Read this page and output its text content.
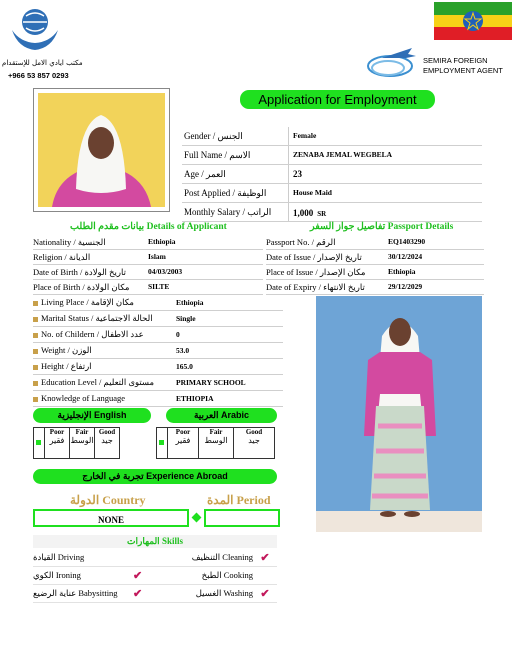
مكتب ايادي الامل للإستقدام
+966 53 857 0293
SEMIRA FOREIGN
EMPLOYMENT AGENT
Application for Employment
Gender / الجنس	Female
Full Name / الاسم	ZENABA JEMAL WEGBELA
Age / العمر	23
Post Applied / الوظيفة	House Maid
Monthly Salary / الراتب	1,000 SR
بيانات مقدم الطلب Details of Applicant	تفاصيل جواز السفر Passport Details
Nationality / الجنسية	Ethiopia
Religion / الديانة	Islam
Date of Birth / تاريخ الولادة	04/03/2003
Place of Birth / مكان الولادة	SILTE
Passport No. / الرقم	EQ1403290
Date of Issue / تاريخ الإصدار	30/12/2024
Place of Issue / مكان الإصدار	Ethiopia
Date of Expiry / تاريخ الانتهاء	29/12/2029
Living Place / مكان الإقامة	Ethiopia
Marital Status / الحالة الاجتماعية	Single
No. of Childern / عدد الاطفال	0
Weight / الوزن	53.0
Height / ارتفاع	165.0
Education Level / مستوى التعليم	PRIMARY SCHOOL
Knowledge of Language	ETHIOPIA
الإنجليزية English	العربية Arabic
Poor
فقير

Fair
الوسط

Good
جيد
Poor
فقير

Fair
الوسط

Good
جيد
تجربة في الخارج Experience Abroad
الدولة Country	المدة Period
NONE
المهارات Skills
القيادة Driving	التنظيف Cleaning ✔
الكوي Ironing	✔	الطبخ Cooking
عناية الرضيع Babysitting	✔	الغسيل Washing ✔
